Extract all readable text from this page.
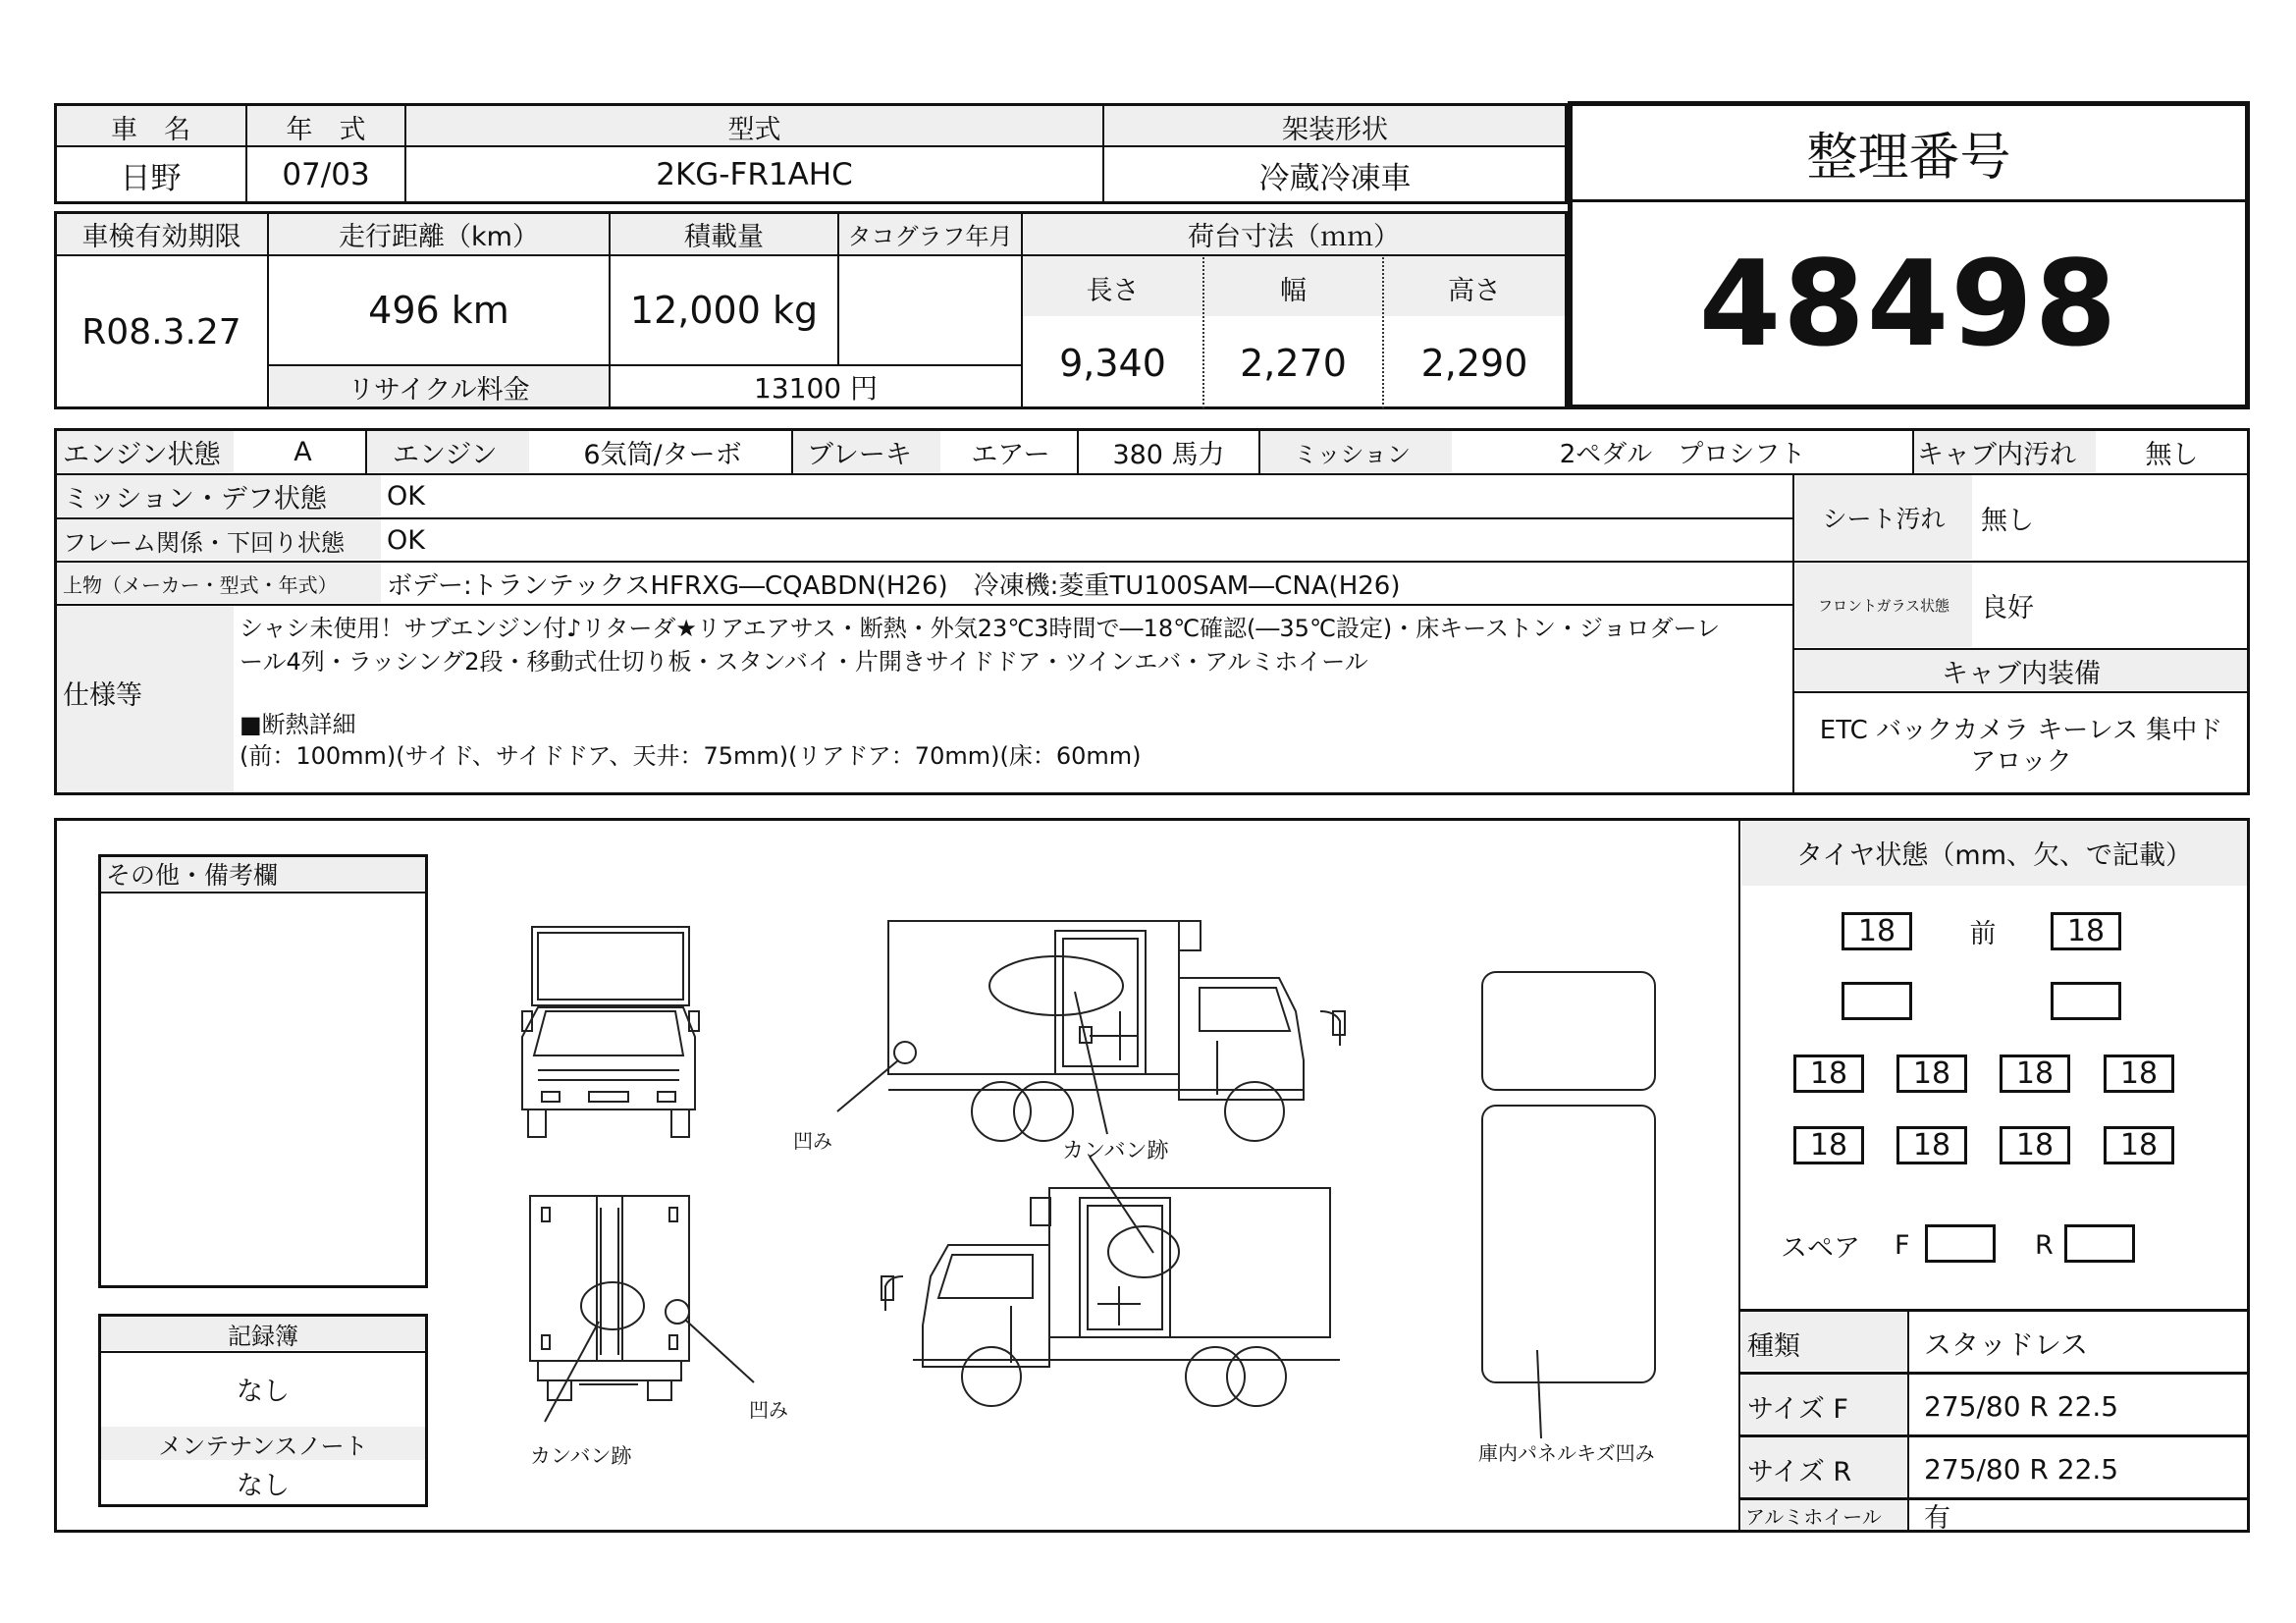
車　名	年　式	型式	架装形状
日野	07/03	2KG-FR1AHC	冷蔵冷凍車
車検有効期限	走行距離（km）	積載量	タコグラフ年月	荷台寸法（ｍｍ）
R08.3.27	496 km	12,000 kg
リサイクル料金	13100 円
長さ	幅	高さ
9,340	2,270	2,290
整理番号
48498
エンジン状態	A	エンジン	6気筒/ターボ	ブレーキ	エアー	380 馬力	ミッション	2ペダル　プロシフト	キャブ内汚れ	無し
ミッション・デフ状態	OK
フレーム関係・下回り状態	OK
上物（メーカー・型式・年式）	ボデー:トランテックスHFRXG―CQABDN(H26)　冷凍機:菱重TU100SAM―CNA(H26)
仕様等
シャシ未使用！サブエンジン付♪リターダ★リアエアサス・断熱・外気23℃3時間で―18℃確認(―35℃設定)・床キーストン・ジョロダーレ
ール4列・ラッシング2段・移動式仕切り板・スタンバイ・片開きサイドドア・ツインエバ・アルミホイール
■断熱詳細
(前：100mm)(サイド、サイドドア、天井：75mm)(リアドア：70mm)(床：60mm)
シート汚れ	無し
フロントガラス状態	良好
キャブ内装備
ETC バックカメラ キーレス 集中ド
アロック
その他・備考欄
記録簿
なし
メンテナンスノート
なし
凹み	カンバン跡
凹み
カンバン跡	庫内パネルキズ凹み
タイヤ状態（mm、欠、で記載）
18	前	18
18	18	18	18
18	18	18	18
スペア	F	R
種類	スタッドレス
サイズ F	275/80 R 22.5
サイズ R	275/80 R 22.5
アルミホイール	有
